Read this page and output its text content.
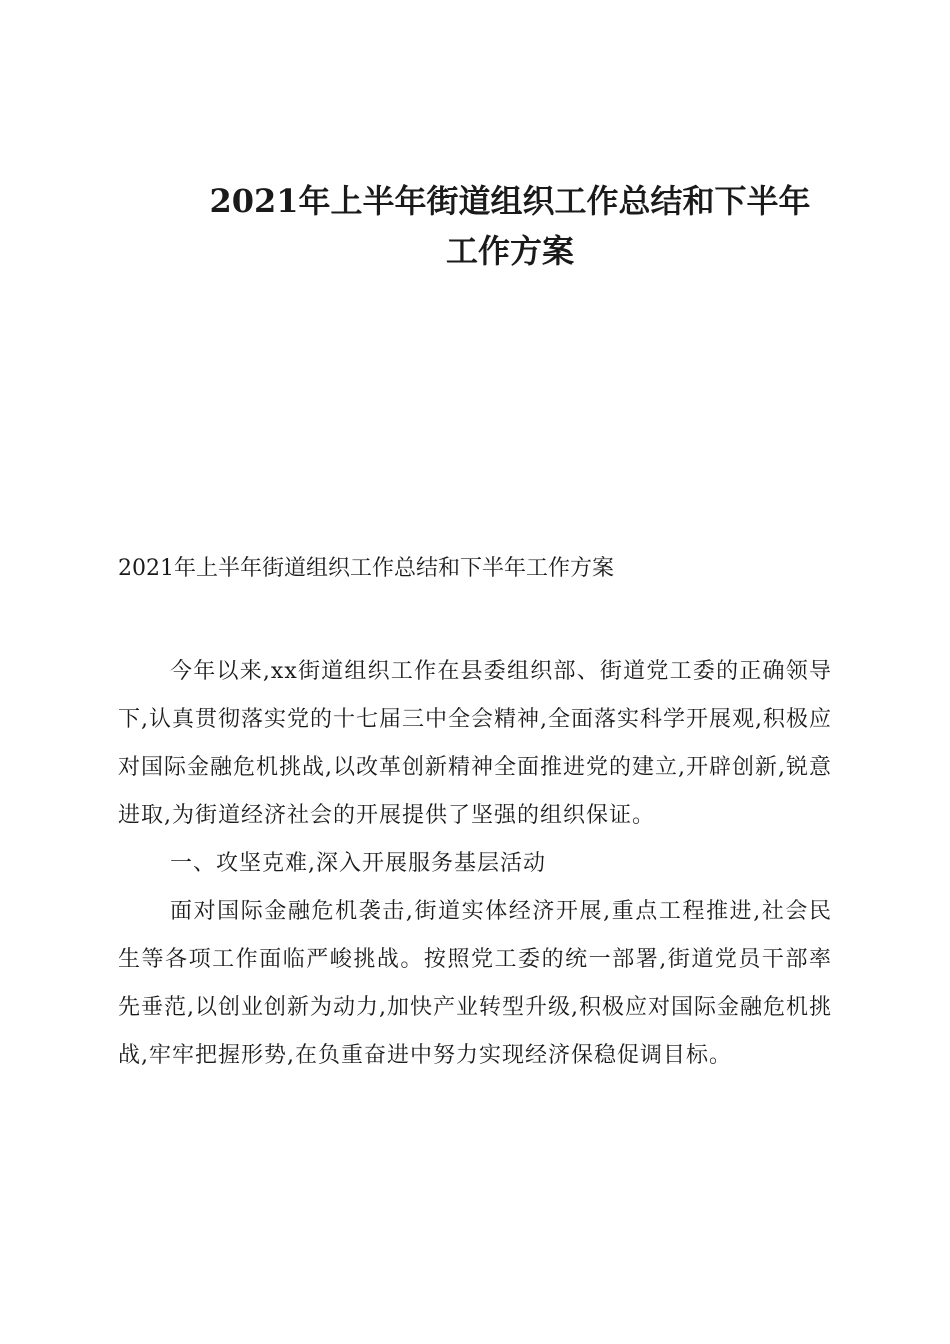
2021年上半年街道组织工作总结和下半年
工作方案

2021年上半年街道组织工作总结和下半年工作方案

今年以来,xx街道组织工作在县委组织部、街道党工委的正确领导下,认真贯彻落实党的十七届三中全会精神,全面落实科学开展观,积极应对国际金融危机挑战,以改革创新精神全面推进党的建立,开辟创新,锐意进取,为街道经济社会的开展提供了坚强的组织保证。

一、攻坚克难,深入开展服务基层活动

面对国际金融危机袭击,街道实体经济开展,重点工程推进,社会民生等各项工作面临严峻挑战。按照党工委的统一部署,街道党员干部率先垂范,以创业创新为动力,加快产业转型升级,积极应对国际金融危机挑战,牢牢把握形势,在负重奋进中努力实现经济保稳促调目标。
